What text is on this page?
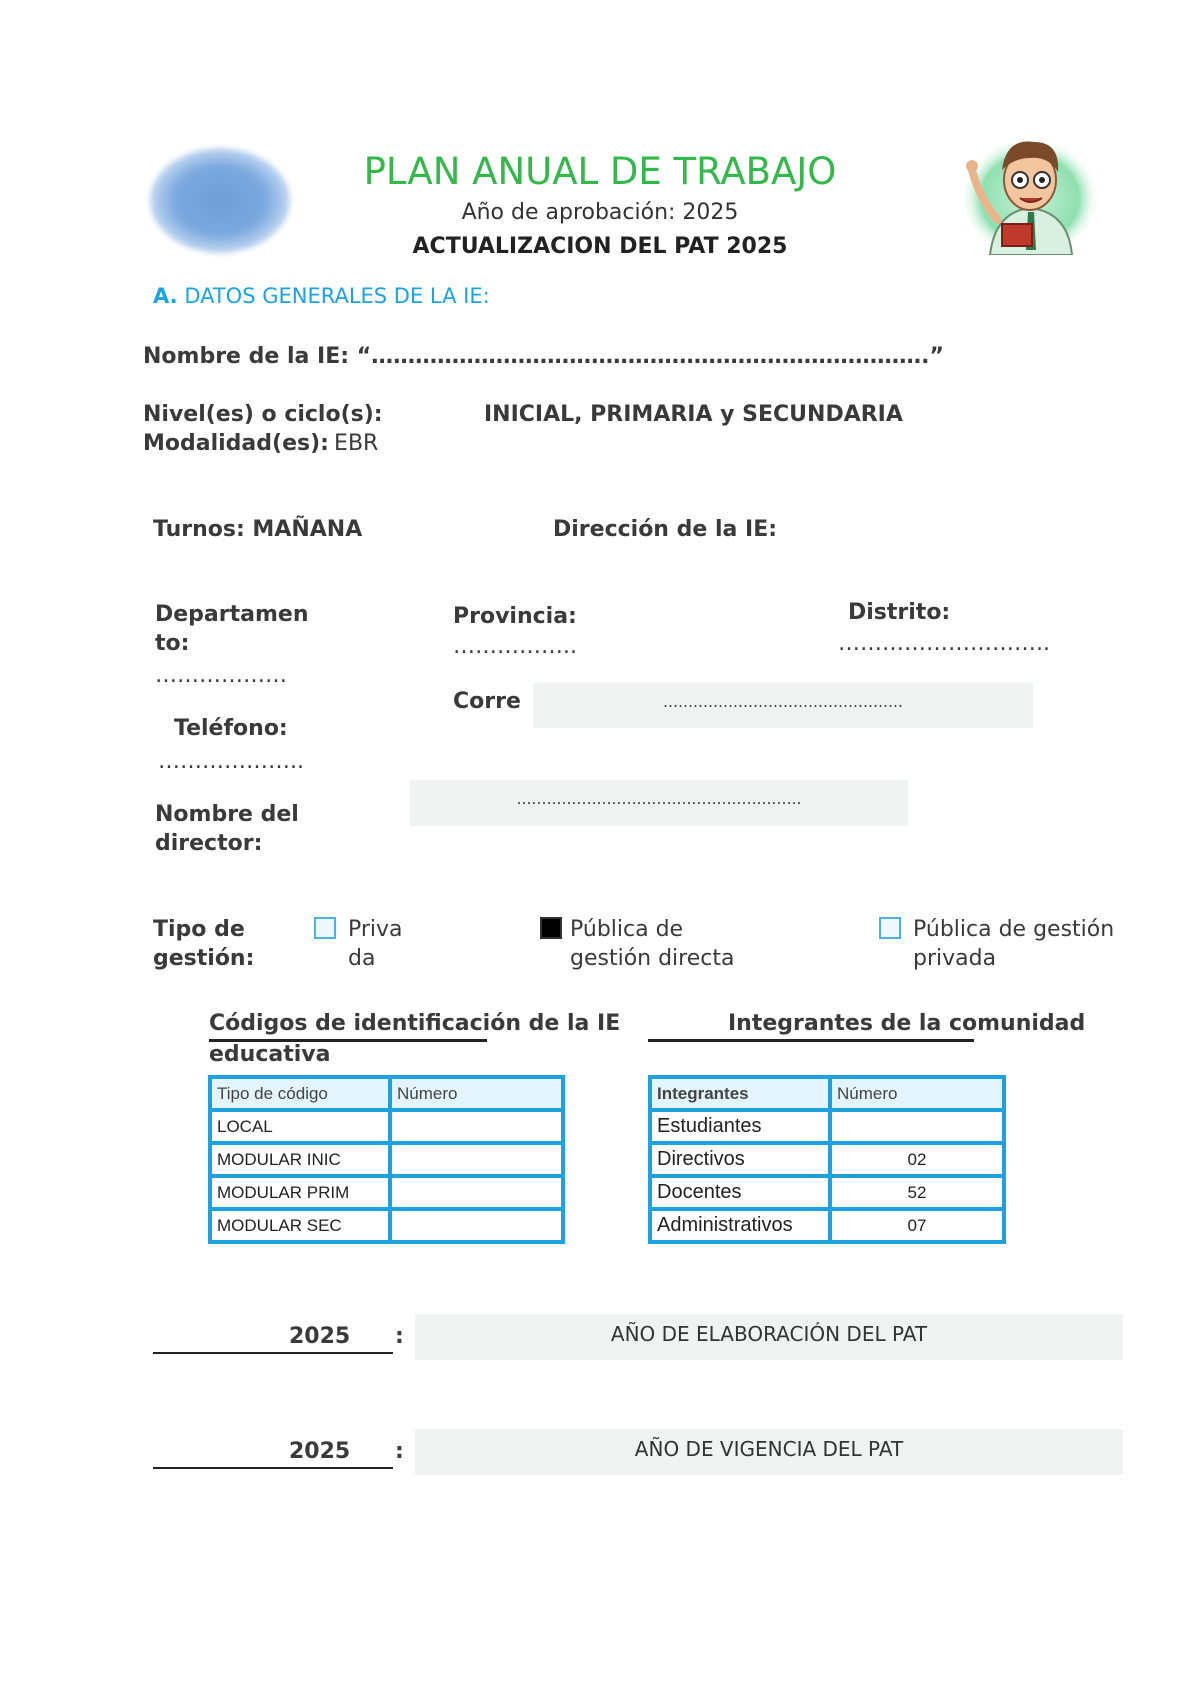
PLAN ANUAL DE TRABAJO
Año de aprobación: 2025
ACTUALIZACION DEL PAT 2025
A. DATOS GENERALES DE LA IE:
Nombre de la IE: “………………………………………………………………….”
Nivel(es) o ciclo(s):	INICIAL, PRIMARIA y SECUNDARIA
Modalidad(es): EBR
Turnos: MAÑANA	Dirección de la IE:
Departamen
to:
………………
Provincia:
……………..
Distrito:
………………………..
Corre	…………………………………………
Teléfono:
………………..
Nombre del
director:
…………………………………………………
Tipo de
gestión:
Priva
da
Pública de
gestión directa
Pública de gestión
privada
Códigos de identificación de la IE	Integrantes de la comunidad
educativa
Tipo de código	Número
LOCAL	
MODULAR INIC	
MODULAR PRIM	
MODULAR SEC	
Integrantes	Número
Estudiantes	
Directivos	02
Docentes	52
Administrativos	07
2025 :	AÑO DE ELABORACIÓN DEL PAT
2025 :	AÑO DE VIGENCIA DEL PAT
